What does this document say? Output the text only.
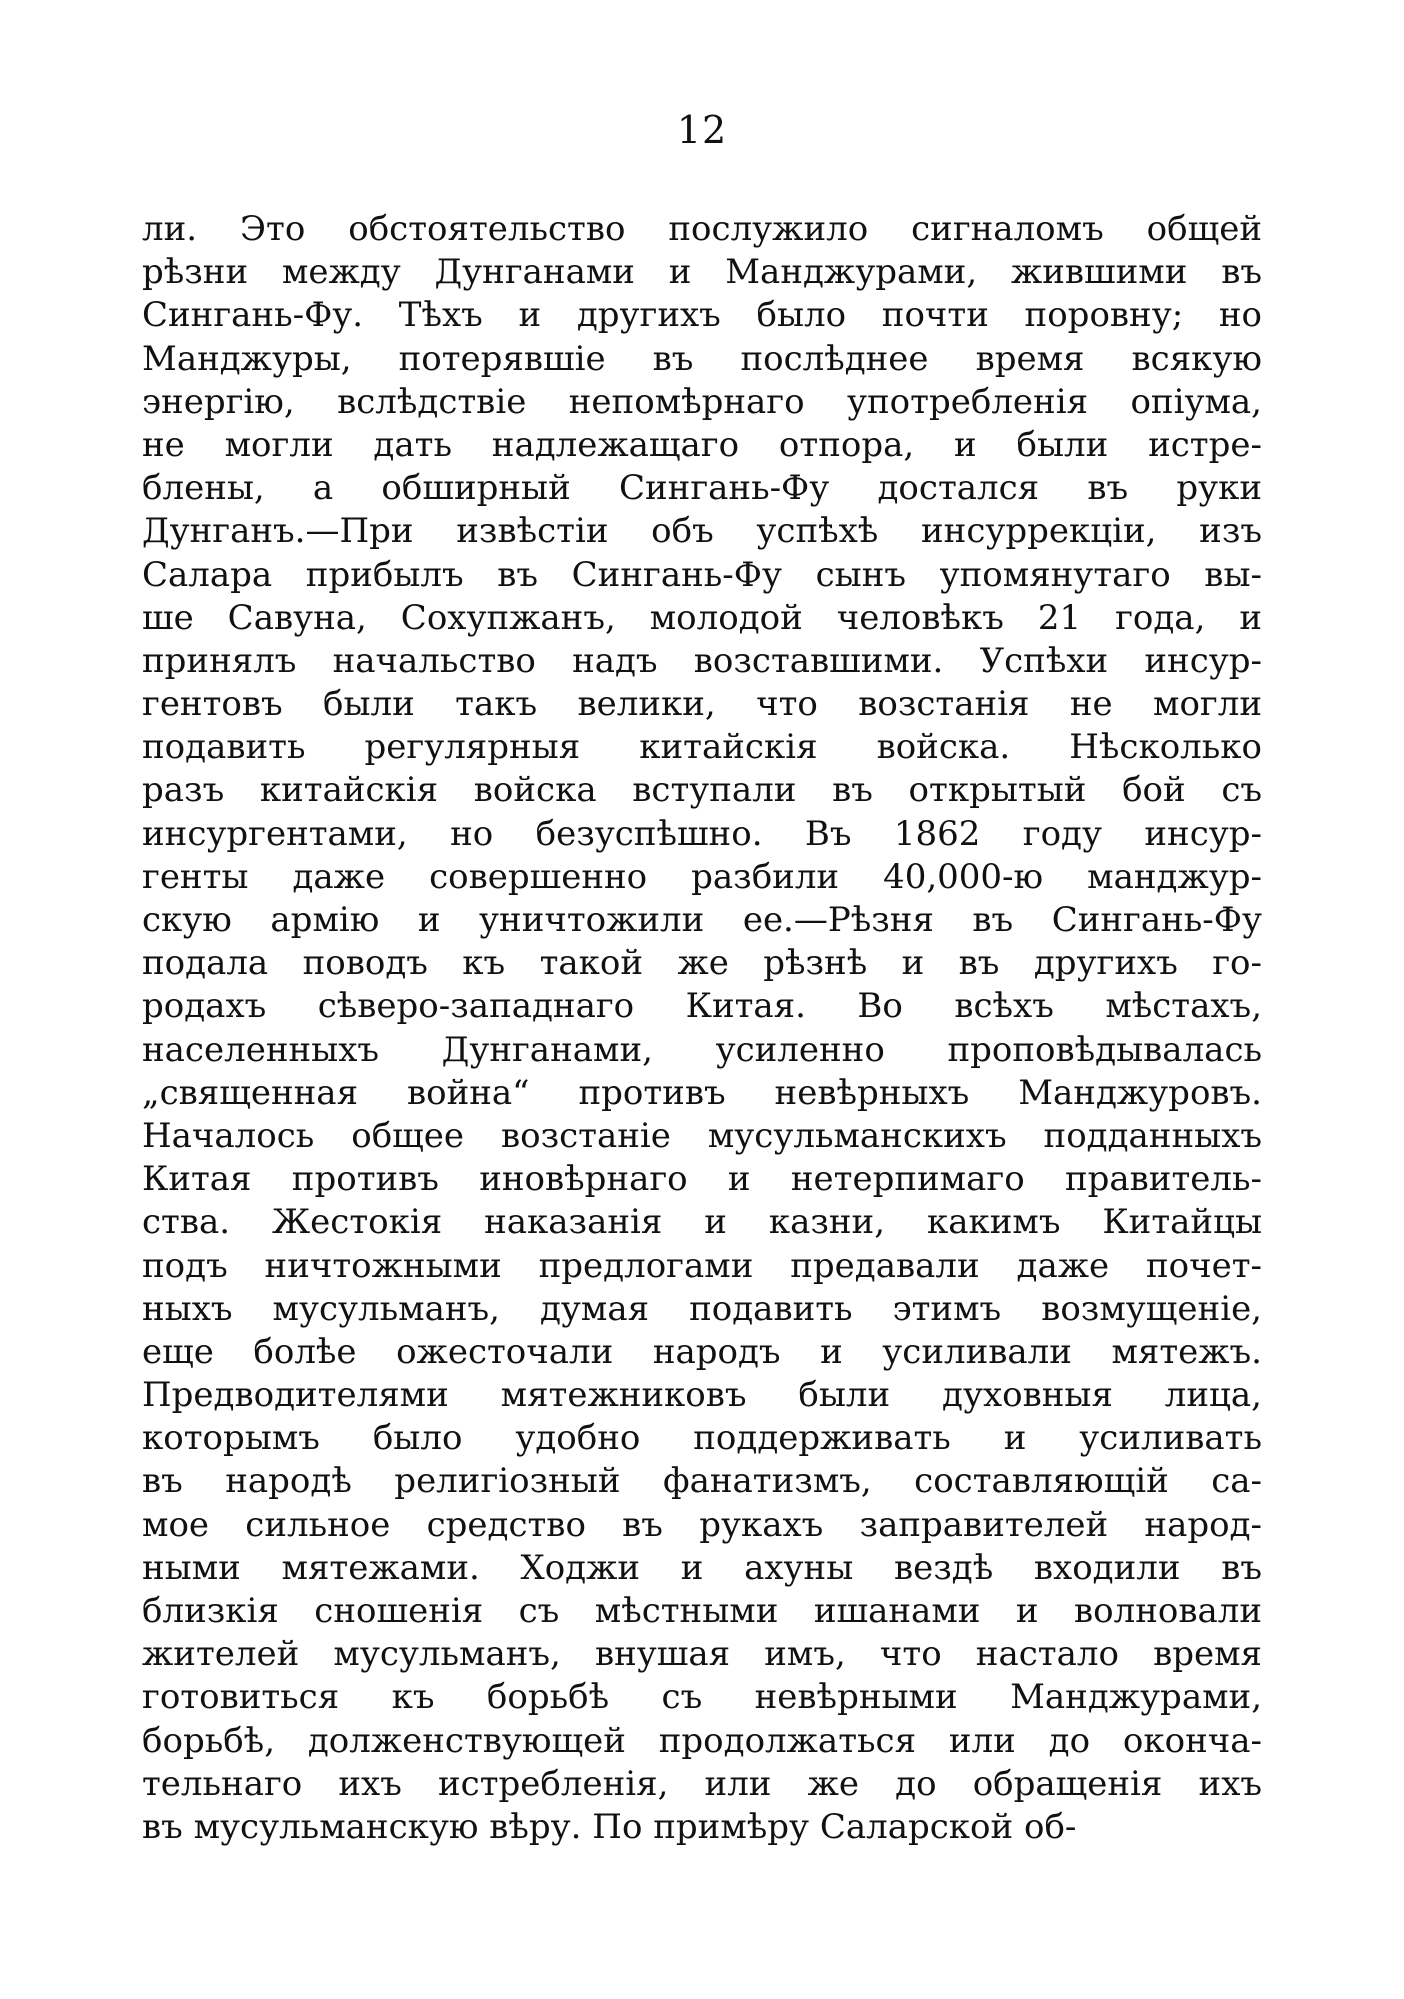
12
ли. Это обстоятельство послужило сигналомъ общей
рѣзни между Дунганами и Манджурами, жившими въ
Сингань-Фу. Тѣхъ и другихъ было почти поровну; но
Манджуры, потерявшіе въ послѣднее время всякую
энергію, вслѣдствіе непомѣрнаго употребленія опіума,
не могли дать надлежащаго отпора, и были истре-
блены, а обширный Сингань-Фу достался въ руки
Дунганъ.—При извѣстіи объ успѣхѣ инсуррекціи, изъ
Салара прибылъ въ Сингань-Фу сынъ упомянутаго вы-
ше Савуна, Сохупжанъ, молодой человѣкъ 21 года, и
принялъ начальство надъ возставшими. Успѣхи инсур-
гентовъ были такъ велики, что возстанія не могли
подавить регулярныя китайскія войска. Нѣсколько
разъ китайскія войска вступали въ открытый бой съ
инсургентами, но безуспѣшно. Въ 1862 году инсур-
генты даже совершенно разбили 40,000-ю манджур-
скую армію и уничтожили ее.—Рѣзня въ Сингань-Фу
подала поводъ къ такой же рѣзнѣ и въ другихъ го-
родахъ сѣверо-западнаго Китая. Во всѣхъ мѣстахъ,
населенныхъ Дунганами, усиленно проповѣдывалась
„священная война“ противъ невѣрныхъ Манджуровъ.
Началось общее возстаніе мусульманскихъ подданныхъ
Китая противъ иновѣрнаго и нетерпимаго правитель-
ства. Жестокія наказанія и казни, какимъ Китайцы
подъ ничтожными предлогами предавали даже почет-
ныхъ мусульманъ, думая подавить этимъ возмущеніе,
еще болѣе ожесточали народъ и усиливали мятежъ.
Предводителями мятежниковъ были духовныя лица,
которымъ было удобно поддерживать и усиливать
въ народѣ религіозный фанатизмъ, составляющій са-
мое сильное средство въ рукахъ заправителей народ-
ными мятежами. Ходжи и ахуны вездѣ входили въ
близкія сношенія съ мѣстными ишанами и волновали
жителей мусульманъ, внушая имъ, что настало время
готовиться къ борьбѣ съ невѣрными Манджурами,
борьбѣ, долженствующей продолжаться или до оконча-
тельнаго ихъ истребленія, или же до обращенія ихъ
въ мусульманскую вѣру. По примѣру Саларской об-
